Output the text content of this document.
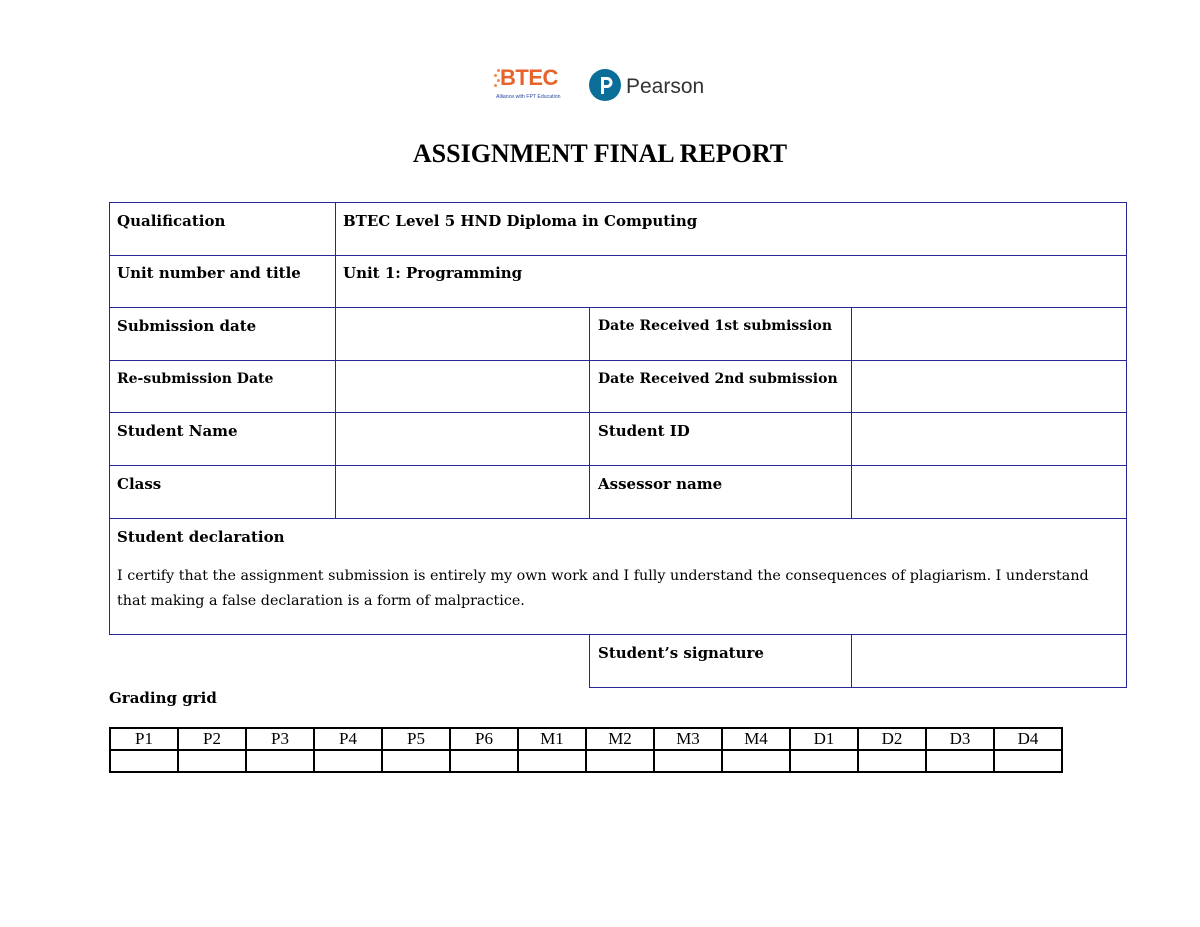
BTEC
Alliance with FPT Education	Pearson
ASSIGNMENT FINAL REPORT
Qualification	BTEC Level 5 HND Diploma in Computing
Unit number and title	Unit 1: Programming
Submission date	Date Received 1st submission
Re-submission Date	Date Received 2nd submission
Student Name	Student ID
Class	Assessor name
Student declaration
I certify that the assignment submission is entirely my own work and I fully understand the consequences of plagiarism. I understand that making a false declaration is a form of malpractice.
Student’s signature
Grading grid
P1	P2	P3	P4	P5	P6	M1	M2	M3	M4	D1	D2	D3	D4
